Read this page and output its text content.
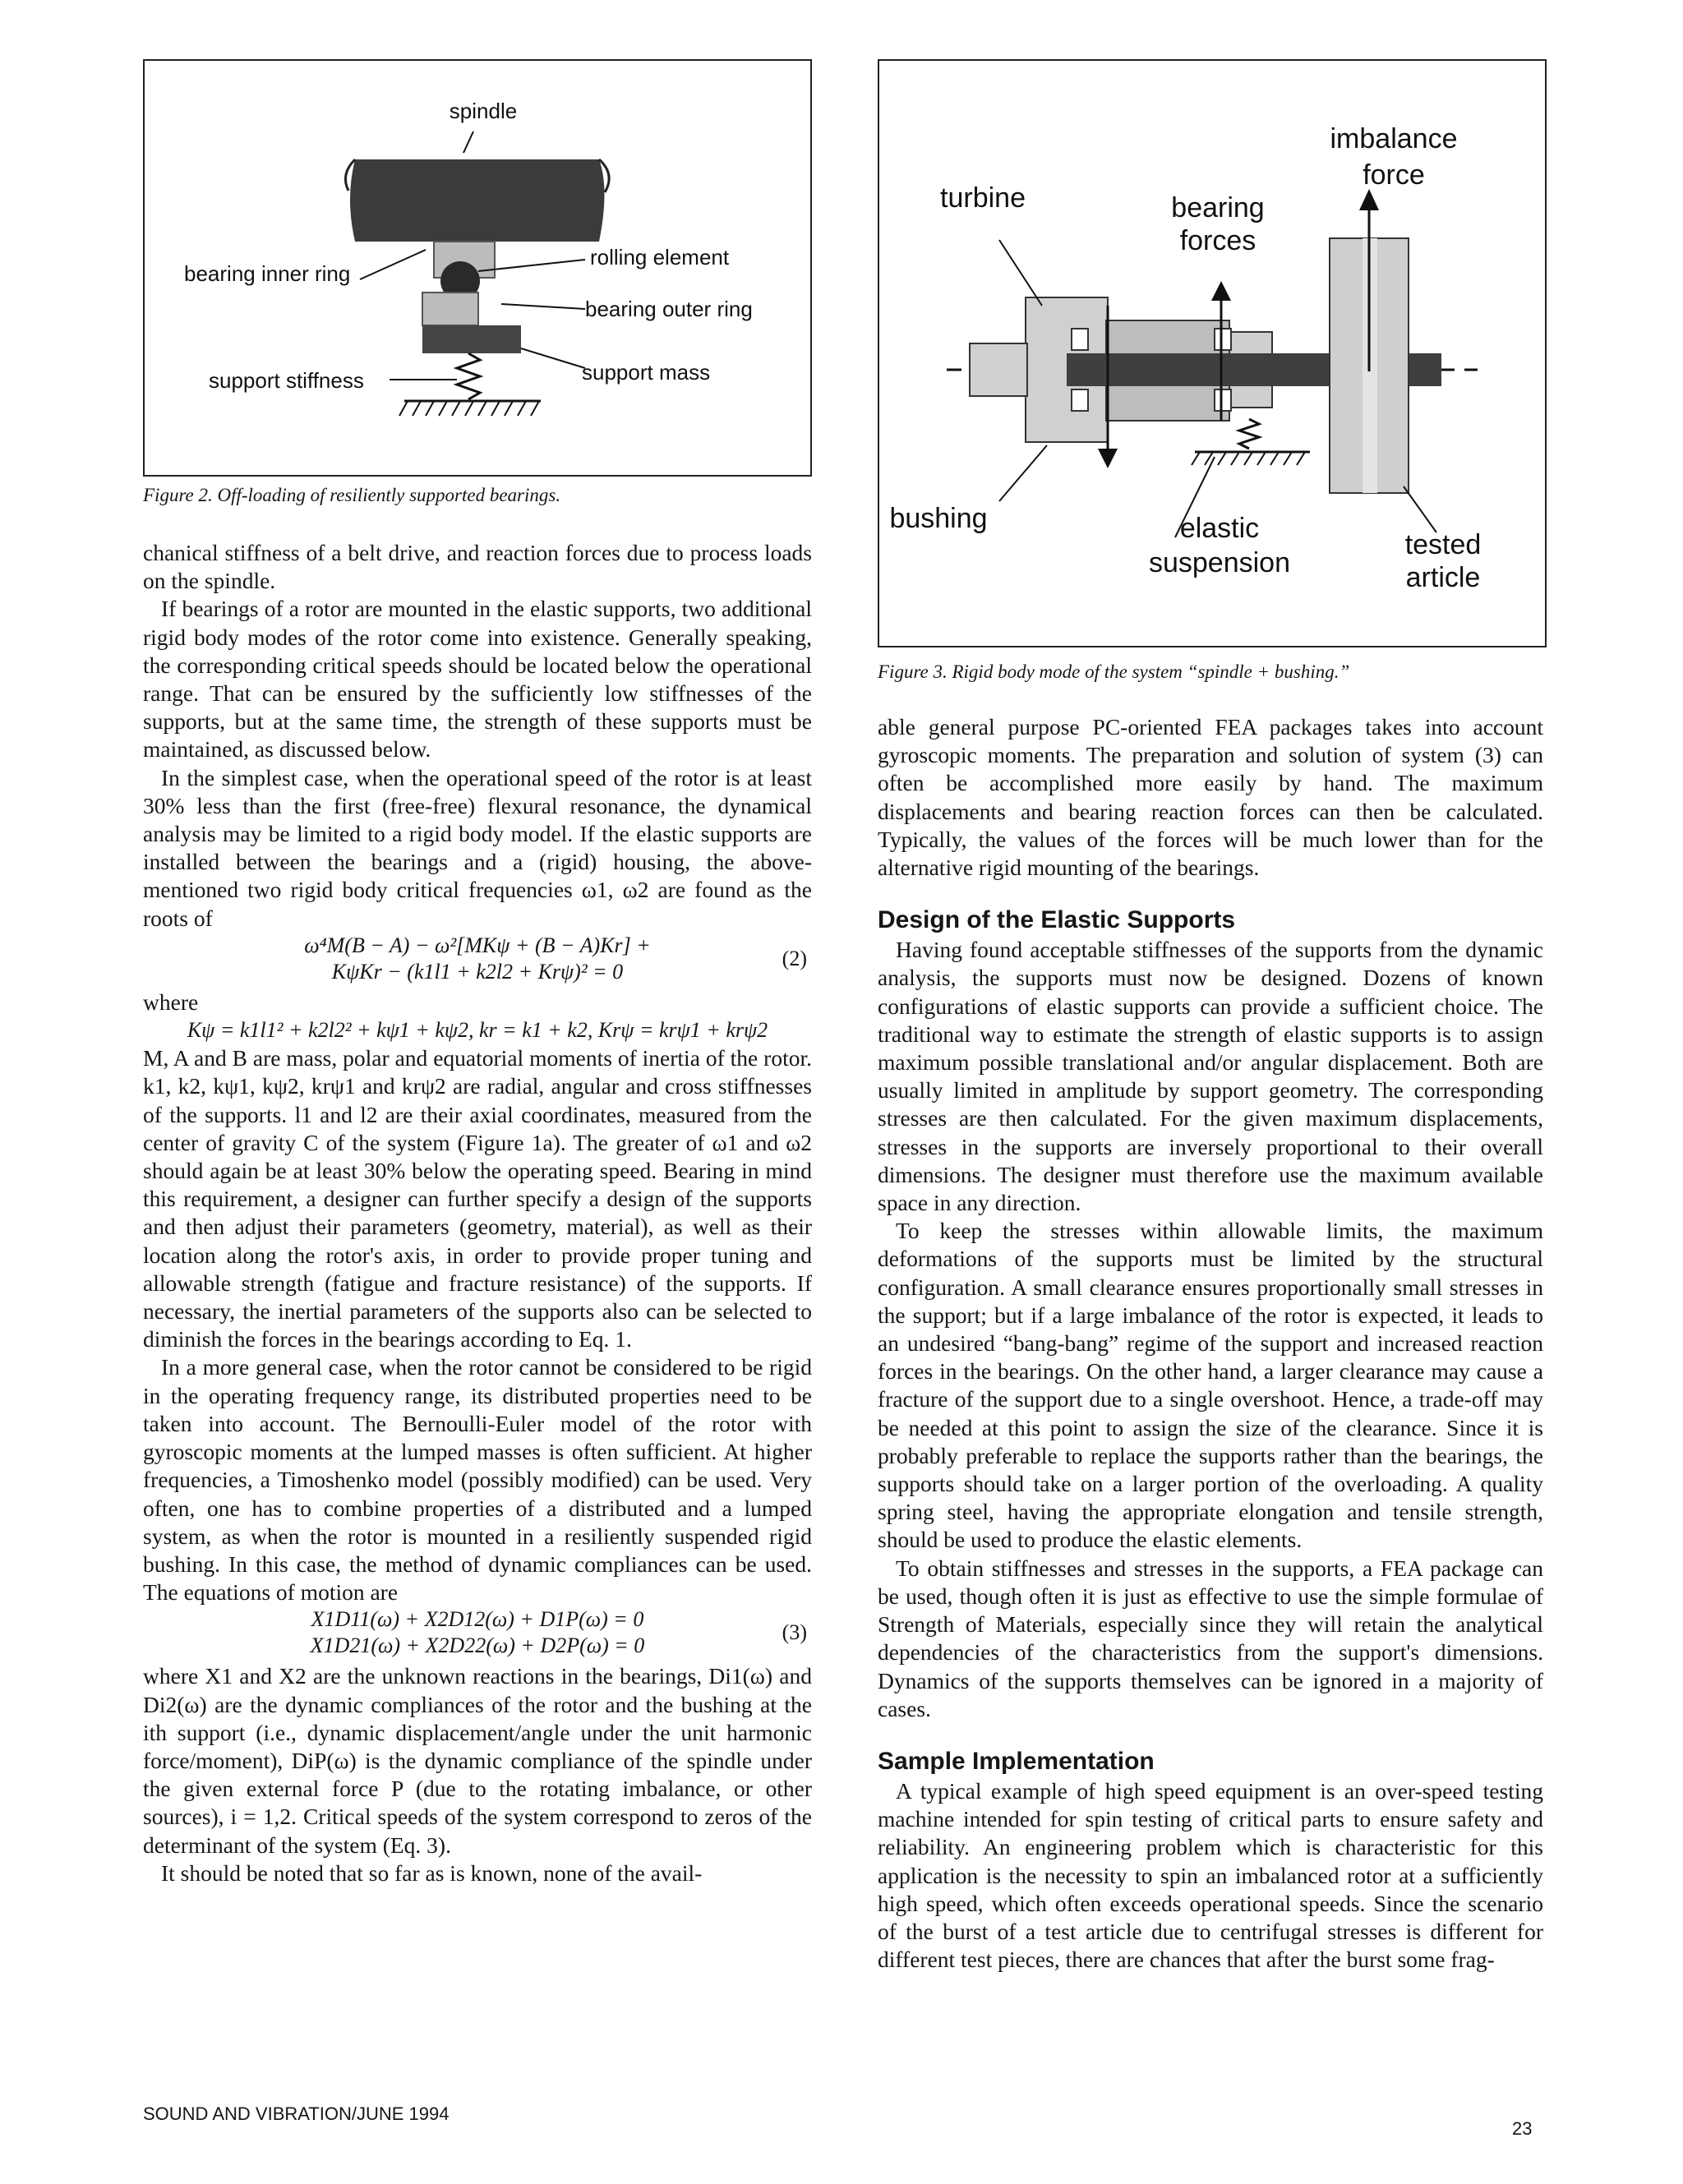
spindle
bearing inner ring
rolling element
bearing outer ring
support stiffness	support mass
Figure 2. Off-loading of resiliently supported bearings.
turbine	bearing
forces
imbalance
force
bushing	elastic
suspension
tested
article
Figure 3. Rigid body mode of the system “spindle + bushing.”

chanical stiffness of a belt drive, and reaction forces due to process loads on the spindle.

If bearings of a rotor are mounted in the elastic supports, two additional rigid body modes of the rotor come into existence. Generally speaking, the corresponding critical speeds should be located below the operational range. That can be ensured by the sufficiently low stiffnesses of the supports, but at the same time, the strength of these supports must be maintained, as discussed below.

In the simplest case, when the operational speed of the rotor is at least 30% less than the first (free-free) flexural resonance, the dynamical analysis may be limited to a rigid body model. If the elastic supports are installed between the bearings and a (rigid) housing, the above-mentioned two rigid body critical frequencies ω1, ω2 are found as the roots of

ω⁴M(B − A) − ω²[MKψ + (B − A)Kr] +
KψKr − (k1l1 + k2l2 + Krψ)² = 0
(2)

where

Kψ = k1l1² + k2l2² + kψ1 + kψ2, kr = k1 + k2, Krψ = krψ1 + krψ2

M, A and B are mass, polar and equatorial moments of inertia of the rotor. k1, k2, kψ1, kψ2, krψ1 and krψ2 are radial, angular and cross stiffnesses of the supports. l1 and l2 are their axial coordinates, measured from the center of gravity C of the system (Figure 1a). The greater of ω1 and ω2 should again be at least 30% below the operating speed. Bearing in mind this requirement, a designer can further specify a design of the supports and then adjust their parameters (geometry, material), as well as their location along the rotor's axis, in order to provide proper tuning and allowable strength (fatigue and fracture resistance) of the supports. If necessary, the inertial parameters of the supports also can be selected to diminish the forces in the bearings according to Eq. 1.

In a more general case, when the rotor cannot be considered to be rigid in the operating frequency range, its distributed properties need to be taken into account. The Bernoulli-Euler model of the rotor with gyroscopic moments at the lumped masses is often sufficient. At higher frequencies, a Timoshenko model (possibly modified) can be used. Very often, one has to combine properties of a distributed and a lumped system, as when the rotor is mounted in a resiliently suspended rigid bushing. In this case, the method of dynamic compliances can be used. The equations of motion are

X1D11(ω) + X2D12(ω) + D1P(ω) = 0
X1D21(ω) + X2D22(ω) + D2P(ω) = 0
(3)

where X1 and X2 are the unknown reactions in the bearings, Di1(ω) and Di2(ω) are the dynamic compliances of the rotor and the bushing at the ith support (i.e., dynamic displacement/angle under the unit harmonic force/moment), DiP(ω) is the dynamic compliance of the spindle under the given external force P (due to the rotating imbalance, or other sources), i = 1,2. Critical speeds of the system correspond to zeros of the determinant of the system (Eq. 3).

It should be noted that so far as is known, none of the avail-

able general purpose PC-oriented FEA packages takes into account gyroscopic moments. The preparation and solution of system (3) can often be accomplished more easily by hand. The maximum displacements and bearing reaction forces can then be calculated. Typically, the values of the forces will be much lower than for the alternative rigid mounting of the bearings.

Design of the Elastic Supports

Having found acceptable stiffnesses of the supports from the dynamic analysis, the supports must now be designed. Dozens of known configurations of elastic supports can provide a sufficient choice. The traditional way to estimate the strength of elastic supports is to assign maximum possible translational and/or angular displacement. Both are usually limited in amplitude by support geometry. The corresponding stresses are then calculated. For the given maximum displacements, stresses in the supports are inversely proportional to their overall dimensions. The designer must therefore use the maximum available space in any direction.

To keep the stresses within allowable limits, the maximum deformations of the supports must be limited by the structural configuration. A small clearance ensures proportionally small stresses in the support; but if a large imbalance of the rotor is expected, it leads to an undesired “bang-bang” regime of the support and increased reaction forces in the bearings. On the other hand, a larger clearance may cause a fracture of the support due to a single overshoot. Hence, a trade-off may be needed at this point to assign the size of the clearance. Since it is probably preferable to replace the supports rather than the bearings, the supports should take on a larger portion of the overloading. A quality spring steel, having the appropriate elongation and tensile strength, should be used to produce the elastic elements.

To obtain stiffnesses and stresses in the supports, a FEA package can be used, though often it is just as effective to use the simple formulae of Strength of Materials, especially since they will retain the analytical dependencies of the characteristics from the support's dimensions. Dynamics of the supports themselves can be ignored in a majority of cases.

Sample Implementation

A typical example of high speed equipment is an over-speed testing machine intended for spin testing of critical parts to ensure safety and reliability. An engineering problem which is characteristic for this application is the necessity to spin an imbalanced rotor at a sufficiently high speed, which often exceeds operational speeds. Since the scenario of the burst of a test article due to centrifugal stresses is different for different test pieces, there are chances that after the burst some frag-

SOUND AND VIBRATION/JUNE 1994
23
